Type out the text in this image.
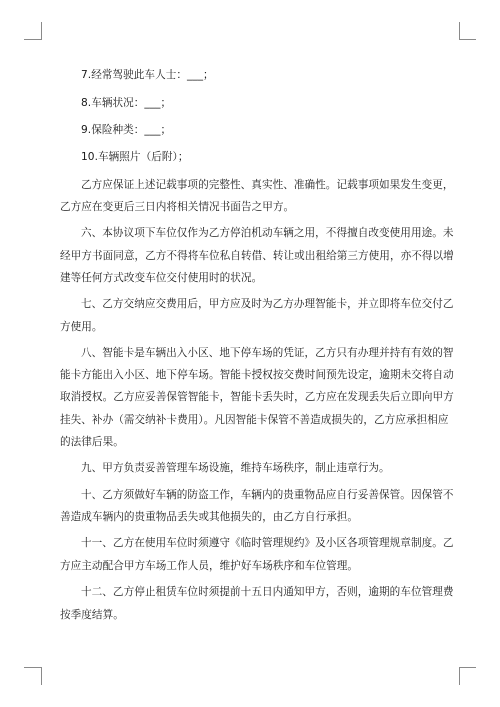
7.经常驾驶此车人士：___；
8.车辆状况：___；
9.保险种类：___；
10.车辆照片（后附）；
乙方应保证上述记载事项的完整性、真实性、准确性。记载事项如果发生变更，
乙方应在变更后三日内将相关情况书面告之甲方。
六、本协议项下车位仅作为乙方停泊机动车辆之用，不得擅自改变使用用途。未
经甲方书面同意，乙方不得将车位私自转借、转让或出租给第三方使用，亦不得以增
建等任何方式改变车位交付使用时的状况。
七、乙方交纳应交费用后，甲方应及时为乙方办理智能卡，并立即将车位交付乙
方使用。
八、智能卡是车辆出入小区、地下停车场的凭证，乙方只有办理并持有有效的智
能卡方能出入小区、地下停车场。智能卡授权按交费时间预先设定，逾期未交将自动
取消授权。乙方应妥善保管智能卡，智能卡丢失时，乙方应在发现丢失后立即向甲方
挂失、补办（需交纳补卡费用）。凡因智能卡保管不善造成损失的，乙方应承担相应
的法律后果。
九、甲方负责妥善管理车场设施，维持车场秩序，制止违章行为。
十、乙方须做好车辆的防盗工作，车辆内的贵重物品应自行妥善保管。因保管不
善造成车辆内的贵重物品丢失或其他损失的，由乙方自行承担。
十一、乙方在使用车位时须遵守《临时管理规约》及小区各项管理规章制度。乙
方应主动配合甲方车场工作人员，维护好车场秩序和车位管理。
十二、乙方停止租赁车位时须提前十五日内通知甲方，否则，逾期的车位管理费
按季度结算。
